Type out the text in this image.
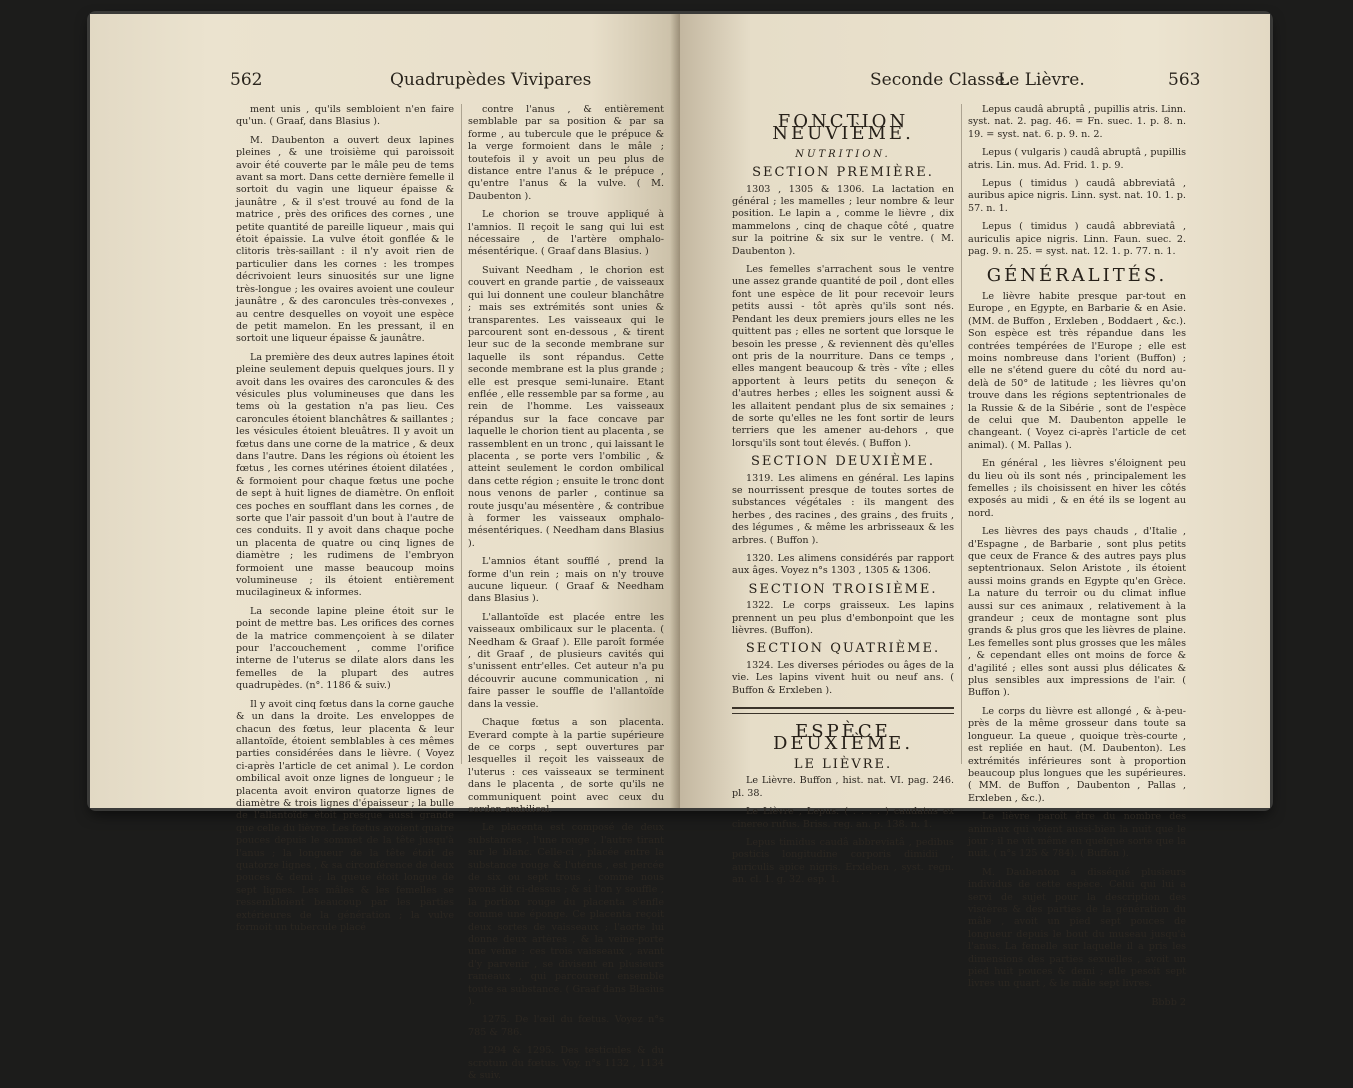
562	Quadrupèdes Vivipares

ment unis , qu'ils sembloient n'en faire qu'un. ( Graaf, dans Blasius ).

M. Daubenton a ouvert deux lapines pleines , & une troisième qui paroissoit avoir été couverte par le mâle peu de tems avant sa mort. Dans cette dernière femelle il sortoit du vagin une liqueur épaisse & jaunâtre , & il s'est trouvé au fond de la matrice , près des orifices des cornes , une petite quantité de pareille liqueur , mais qui étoit épaissie. La vulve étoit gonflée & le clitoris très-saillant : il n'y avoit rien de particulier dans les cornes : les trompes décrivoient leurs sinuosités sur une ligne très-longue ; les ovaires avoient une couleur jaunâtre , & des caroncules très-convexes , au centre desquelles on voyoit une espèce de petit mamelon. En les pressant, il en sortoit une liqueur épaisse & jaunâtre.

La première des deux autres lapines étoit pleine seulement depuis quelques jours. Il y avoit dans les ovaires des caroncules & des vésicules plus volumineuses que dans les tems où la gestation n'a pas lieu. Ces caroncules étoient blanchâtres & saillantes ; les vésicules étoient bleuâtres. Il y avoit un fœtus dans une corne de la matrice , & deux dans l'autre. Dans les régions où étoient les fœtus , les cornes utérines étoient dilatées , & formoient pour chaque fœtus une poche de sept à huit lignes de diamètre. On enfloit ces poches en soufflant dans les cornes , de sorte que l'air passoit d'un bout à l'autre de ces conduits. Il y avoit dans chaque poche un placenta de quatre ou cinq lignes de diamètre ; les rudimens de l'embryon formoient une masse beaucoup moins volumineuse ; ils étoient entièrement mucilagineux & informes.

La seconde lapine pleine étoit sur le point de mettre bas. Les orifices des cornes de la matrice commençoient à se dilater pour l'accouchement , comme l'orifice interne de l'uterus se dilate alors dans les femelles de la plupart des autres quadrupèdes. (n°. 1186 & suiv.)

Il y avoit cinq fœtus dans la corne gauche & un dans la droite. Les enveloppes de chacun des fœtus, leur placenta & leur allantoïde, étoient semblables à ces mêmes parties considérées dans le lièvre. ( Voyez ci-après l'article de cet animal ). Le cordon ombilical avoit onze lignes de longueur ; le placenta avoit environ quatorze lignes de diamètre & trois lignes d'épaisseur ; la bulle de l'allantoïde étoit presque aussi grande que celle du lièvre. Les fœtus avoient quatre pouces depuis le sommet de la tête jusqu'à l'anus ; la longueur de la tête étoit de quatorze lignes , & sa circonférence de deux pouces & demi ; la queue étoit longue de sept lignes. Les mâles & les femelles se ressembloient beaucoup par les parties extérieures de la génération ; la vulve formoit un tubercule placé

contre l'anus , & entièrement semblable par sa position & par sa forme , au tubercule que le prépuce & la verge formoient dans le mâle ; toutefois il y avoit un peu plus de distance entre l'anus & le prépuce , qu'entre l'anus & la vulve. ( M. Daubenton ).

Le chorion se trouve appliqué à l'amnios. Il reçoit le sang qui lui est nécessaire , de l'artère omphalo-mésentérique. ( Graaf dans Blasius. )

Suivant Needham , le chorion est couvert en grande partie , de vaisseaux qui lui donnent une couleur blanchâtre ; mais ses extrémités sont unies & transparentes. Les vaisseaux qui le parcourent sont en-dessous , & tirent leur suc de la seconde membrane sur laquelle ils sont répandus. Cette seconde membrane est la plus grande ; elle est presque semi-lunaire. Etant enflée , elle ressemble par sa forme , au rein de l'homme. Les vaisseaux répandus sur la face concave par laquelle le chorion tient au placenta , se rassemblent en un tronc , qui laissant le placenta , se porte vers l'ombilic , & atteint seulement le cordon ombilical dans cette région ; ensuite le tronc dont nous venons de parler , continue sa route jusqu'au mésentère , & contribue à former les vaisseaux omphalo-mésentériques. ( Needham dans Blasius ).

L'amnios étant soufflé , prend la forme d'un rein ; mais on n'y trouve aucune liqueur. ( Graaf & Needham dans Blasius ).

L'allantoïde est placée entre les vaisseaux ombilicaux sur le placenta. ( Needham & Graaf ). Elle paroît formée , dit Graaf , de plusieurs cavités qui s'unissent entr'elles. Cet auteur n'a pu découvrir aucune communication , ni faire passer le souffle de l'allantoïde dans la vessie.

Chaque fœtus a son placenta. Everard compte à la partie supérieure de ce corps , sept ouvertures par lesquelles il reçoit les vaisseaux de l'uterus : ces vaisseaux se terminent dans le placenta , de sorte qu'ils ne communiquent point avec ceux du cordon ombilical.

Le placenta est composé de deux substances , l'une rouge , l'autre tirant sur le blanc. Celle-ci , placée entre la substance rouge & l'utérus , est percée de six ou sept trous , comme nous avons dit ci-dessus ; & si l'on y souffle , la portion rouge du placenta s'enfle comme une éponge. Ce placenta reçoit deux sortes de vaisseaux ; l'aorte lui donne deux artères , & la veine-porte une veine : ces trois vaisseaux , avant d'y parvenir , se divisent en plusieurs rameaux , qui parcourent ensemble toute sa substance. ( Graaf dans Blasius ).

1275. De l'œil du fœtus. Voyez n°s 785 & 786.

1294 & 1295. Des testicules & du scrotum du fœtus. Voy. n°s 1132 , 1134 & suiv.

Seconde Classe.
Le Lièvre.	563
FONCTION NEUVIÈME.
NUTRITION.
SECTION PREMIÈRE.

1303 , 1305 & 1306. La lactation en général ; les mamelles ; leur nombre & leur position. Le lapin a , comme le lièvre , dix mammelons , cinq de chaque côté , quatre sur la poitrine & six sur le ventre. ( M. Daubenton ).

Les femelles s'arrachent sous le ventre une assez grande quantité de poil , dont elles font une espèce de lit pour recevoir leurs petits aussi - tôt après qu'ils sont nés. Pendant les deux premiers jours elles ne les quittent pas ; elles ne sortent que lorsque le besoin les presse , & reviennent dès qu'elles ont pris de la nourriture. Dans ce temps , elles mangent beaucoup & très - vîte ; elles apportent à leurs petits du seneçon & d'autres herbes ; elles les soignent aussi & les allaitent pendant plus de six semaines ; de sorte qu'elles ne les font sortir de leurs terriers que les amener au-dehors , que lorsqu'ils sont tout élevés. ( Buffon ).

SECTION DEUXIÈME.

1319. Les alimens en général. Les lapins se nourrissent presque de toutes sortes de substances végétales : ils mangent des herbes , des racines , des grains , des fruits , des légumes , & même les arbrisseaux & les arbres. ( Buffon ).

1320. Les alimens considérés par rapport aux âges. Voyez n°s 1303 , 1305 & 1306.

SECTION TROISIÈME.

1322. Le corps graisseux. Les lapins prennent un peu plus d'embonpoint que les lièvres. (Buffon).

SECTION QUATRIÈME.

1324. Les diverses périodes ou âges de la vie. Les lapins vivent huit ou neuf ans. ( Buffon & Erxleben ).

ESPÈCE DEUXIÈME.
LE LIÈVRE.

Le Lièvre. Buffon , hist. nat. VI. pag. 246. pl. 38.

Le Lièvre , Lepus. ( . . . . ) caudatus ex cinereo rufus. Briss. reg. an. p. 138. n. 1.

Lepus timidus caudâ abbreviatâ , pedibus posticis longitudine corporis dimidii , auriculis apice nigris. Erxleben , syst. regn. an. cl. 1. g. 32. esp. 1.

Lepus caudâ abruptâ , pupillis atris. Linn. syst. nat. 2. pag. 46. = Fn. suec. 1. p. 8. n. 19. = syst. nat. 6. p. 9. n. 2.

Lepus ( vulgaris ) caudâ abruptâ , pupillis atris. Lin. mus. Ad. Frid. 1. p. 9.

Lepus ( timidus ) caudâ abbreviatâ , auribus apice nigris. Linn. syst. nat. 10. 1. p. 57. n. 1.

Lepus ( timidus ) caudâ abbreviatâ , auriculis apice nigris. Linn. Faun. suec. 2. pag. 9. n. 25. = syst. nat. 12. 1. p. 77. n. 1.

GÉNÉRALITÉS.

Le lièvre habite presque par-tout en Europe , en Egypte, en Barbarie & en Asie. (MM. de Buffon , Erxleben , Boddaert , &c.). Son espèce est très répandue dans les contrées tempérées de l'Europe ; elle est moins nombreuse dans l'orient (Buffon) ; elle ne s'étend guere du côté du nord au-delà de 50° de latitude ; les lièvres qu'on trouve dans les régions septentrionales de la Russie & de la Sibérie , sont de l'espèce de celui que M. Daubenton appelle le changeant. ( Voyez ci-après l'article de cet animal). ( M. Pallas ).

En général , les lièvres s'éloignent peu du lieu où ils sont nés , principalement les femelles ; ils choisissent en hiver les côtés exposés au midi , & en été ils se logent au nord.

Les lièvres des pays chauds , d'Italie , d'Espagne , de Barbarie , sont plus petits que ceux de France & des autres pays plus septentrionaux. Selon Aristote , ils étoient aussi moins grands en Egypte qu'en Grèce. La nature du terroir ou du climat influe aussi sur ces animaux , relativement à la grandeur ; ceux de montagne sont plus grands & plus gros que les lièvres de plaine. Les femelles sont plus grosses que les mâles , & cependant elles ont moins de force & d'agilité ; elles sont aussi plus délicates & plus sensibles aux impressions de l'air. ( Buffon ).

Le corps du lièvre est allongé , & à-peu-près de la même grosseur dans toute sa longueur. La queue , quoique très-courte , est repliée en haut. (M. Daubenton). Les extrémités inférieures sont à proportion beaucoup plus longues que les supérieures. ( MM. de Buffon , Daubenton , Pallas , Erxleben , &c.).

Le lièvre paroît être du nombre des animaux qui voient aussi-bien la nuit que le jour ; il ne vit même en quelque sorte que la nuit. ( n°s 125 & 784). ( Buffon ).

M. Daubenton a disséqué plusieurs individus de cette espèce. Celui qui lui a servi de sujet pour la description des viscères & des parties de la génération du mâle , avoit un pied sept pouces de longueur depuis le bout du museau jusqu'à l'anus. La femelle sur laquelle il a pris les dimensions des parties sexuelles , avoit un pied huit pouces & demi ; elle pesoit sept livres un quart , & le mâle sept livres.

Bbbb 2
